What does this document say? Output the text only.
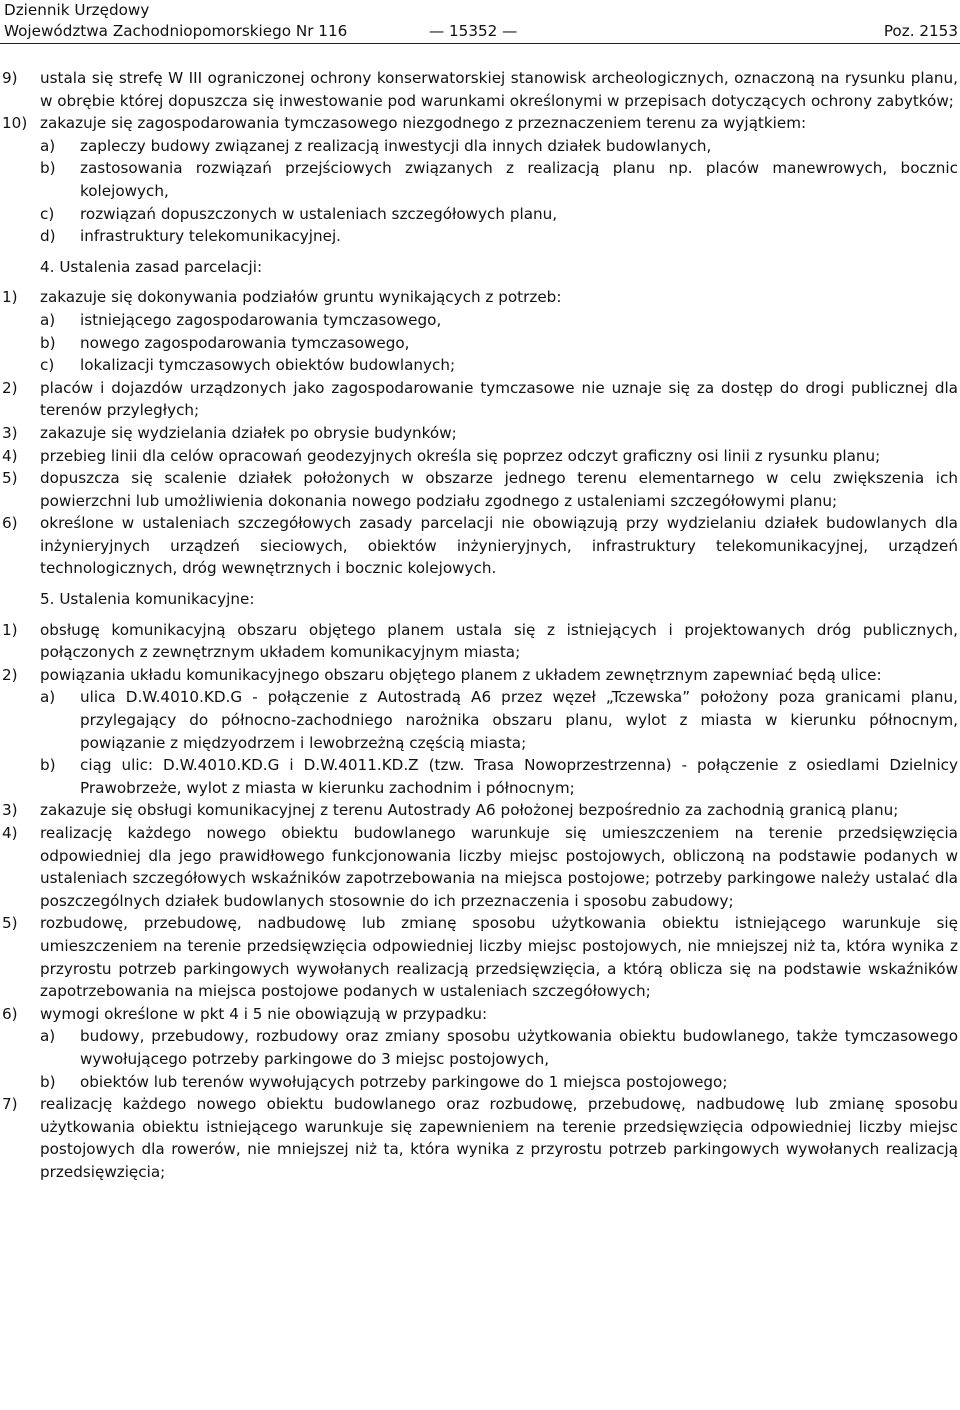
Dziennik Urzędowy
Województwa Zachodniopomorskiego Nr 116	Poz. 2153
— 15352 —
9) ustala się strefę W III ograniczonej ochrony konserwatorskiej stanowisk archeologicznych, oznaczoną na rysunku planu, w obrębie której dopuszcza się inwestowanie pod warunkami określonymi w przepisach dotyczących ochrony zabytków;
10) zakazuje się zagospodarowania tymczasowego niezgodnego z przeznaczeniem terenu za wyjątkiem:
a) zapleczy budowy związanej z realizacją inwestycji dla innych działek budowlanych,
b) zastosowania rozwiązań przejściowych związanych z realizacją planu np. placów manewrowych, bocznic kolejowych,
c) rozwiązań dopuszczonych w ustaleniach szczegółowych planu,
d) infrastruktury telekomunikacyjnej.
4. Ustalenia zasad parcelacji:
1) zakazuje się dokonywania podziałów gruntu wynikających z potrzeb:
a) istniejącego zagospodarowania tymczasowego,
b) nowego zagospodarowania tymczasowego,
c) lokalizacji tymczasowych obiektów budowlanych;
2) placów i dojazdów urządzonych jako zagospodarowanie tymczasowe nie uznaje się za dostęp do drogi publicznej dla terenów przyległych;
3) zakazuje się wydzielania działek po obrysie budynków;
4) przebieg linii dla celów opracowań geodezyjnych określa się poprzez odczyt graficzny osi linii z rysunku planu;
5) dopuszcza się scalenie działek położonych w obszarze jednego terenu elementarnego w celu zwiększenia ich powierzchni lub umożliwienia dokonania nowego podziału zgodnego z ustaleniami szczegółowymi planu;
6) określone w ustaleniach szczegółowych zasady parcelacji nie obowiązują przy wydzielaniu działek budowlanych dla inżynieryjnych urządzeń sieciowych, obiektów inżynieryjnych, infrastruktury telekomunikacyjnej, urządzeń technologicznych, dróg wewnętrznych i bocznic kolejowych.
5. Ustalenia komunikacyjne:
1) obsługę komunikacyjną obszaru objętego planem ustala się z istniejących i projektowanych dróg publicznych, połączonych z zewnętrznym układem komunikacyjnym miasta;
2) powiązania układu komunikacyjnego obszaru objętego planem z układem zewnętrznym zapewniać będą ulice:
a) ulica D.W.4010.KD.G - połączenie z Autostradą A6 przez węzeł „Tczewska” położony poza granicami planu, przylegający do północno-zachodniego narożnika obszaru planu, wylot z miasta w kierunku północnym, powiązanie z międzyodrzem i lewobrzeżną częścią miasta;
b) ciąg ulic: D.W.4010.KD.G i D.W.4011.KD.Z (tzw. Trasa Nowoprzestrzenna) - połączenie z osiedlami Dzielnicy Prawobrzeże, wylot z miasta w kierunku zachodnim i północnym;
3) zakazuje się obsługi komunikacyjnej z terenu Autostrady A6 położonej bezpośrednio za zachodnią granicą planu;
4) realizację każdego nowego obiektu budowlanego warunkuje się umieszczeniem na terenie przedsięwzięcia odpowiedniej dla jego prawidłowego funkcjonowania liczby miejsc postojowych, obliczoną na podstawie podanych w ustaleniach szczegółowych wskaźników zapotrzebowania na miejsca postojowe; potrzeby parkingowe należy ustalać dla poszczególnych działek budowlanych stosownie do ich przeznaczenia i sposobu zabudowy;
5) rozbudowę, przebudowę, nadbudowę lub zmianę sposobu użytkowania obiektu istniejącego warunkuje się umieszczeniem na terenie przedsięwzięcia odpowiedniej liczby miejsc postojowych, nie mniejszej niż ta, która wynika z przyrostu potrzeb parkingowych wywołanych realizacją przedsięwzięcia, a którą oblicza się na podstawie wskaźników zapotrzebowania na miejsca postojowe podanych w ustaleniach szczegółowych;
6) wymogi określone w pkt 4 i 5 nie obowiązują w przypadku:
a) budowy, przebudowy, rozbudowy oraz zmiany sposobu użytkowania obiektu budowlanego, także tymczasowego wywołującego potrzeby parkingowe do 3 miejsc postojowych,
b) obiektów lub terenów wywołujących potrzeby parkingowe do 1 miejsca postojowego;
7) realizację każdego nowego obiektu budowlanego oraz rozbudowę, przebudowę, nadbudowę lub zmianę sposobu użytkowania obiektu istniejącego warunkuje się zapewnieniem na terenie przedsięwzięcia odpowiedniej liczby miejsc postojowych dla rowerów, nie mniejszej niż ta, która wynika z przyrostu potrzeb parkingowych wywołanych realizacją przedsięwzięcia;
